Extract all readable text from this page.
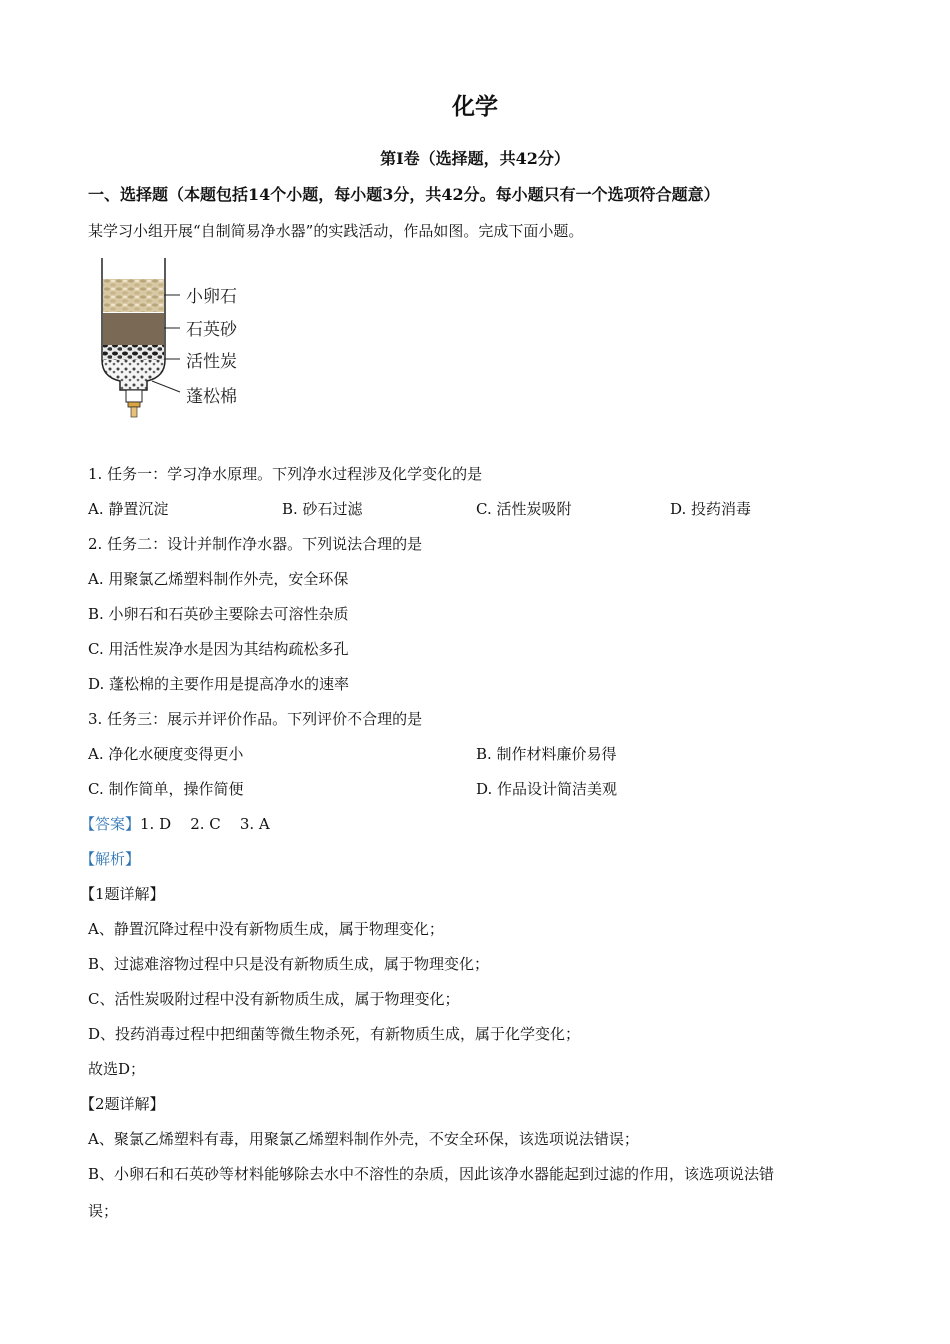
化学
第I卷（选择题，共42分）
一、选择题（本题包括14个小题，每小题3分，共42分。每小题只有一个选项符合题意）
某学习小组开展“自制简易净水器”的实践活动，作品如图。完成下面小题。
小卵石
石英砂
活性炭
蓬松棉
1. 任务一：学习净水原理。下列净水过程涉及化学变化的是
A. 静置沉淀	B. 砂石过滤	C. 活性炭吸附	D. 投药消毒
2. 任务二：设计并制作净水器。下列说法合理的是
A. 用聚氯乙烯塑料制作外壳，安全环保
B. 小卵石和石英砂主要除去可溶性杂质
C. 用活性炭净水是因为其结构疏松多孔
D. 蓬松棉的主要作用是提高净水的速率
3. 任务三：展示并评价作品。下列评价不合理的是
A. 净化水硬度变得更小	B. 制作材料廉价易得
C. 制作简单，操作简便	D. 作品设计简洁美观
【答案】1. D    2. C    3. A
【解析】
【1题详解】
A、静置沉降过程中没有新物质生成，属于物理变化；
B、过滤难溶物过程中只是没有新物质生成，属于物理变化；
C、活性炭吸附过程中没有新物质生成，属于物理变化；
D、投药消毒过程中把细菌等微生物杀死，有新物质生成，属于化学变化；
故选D；
【2题详解】
A、聚氯乙烯塑料有毒，用聚氯乙烯塑料制作外壳，不安全环保，该选项说法错误；
B、小卵石和石英砂等材料能够除去水中不溶性的杂质，因此该净水器能起到过滤的作用，该选项说法错
误；
